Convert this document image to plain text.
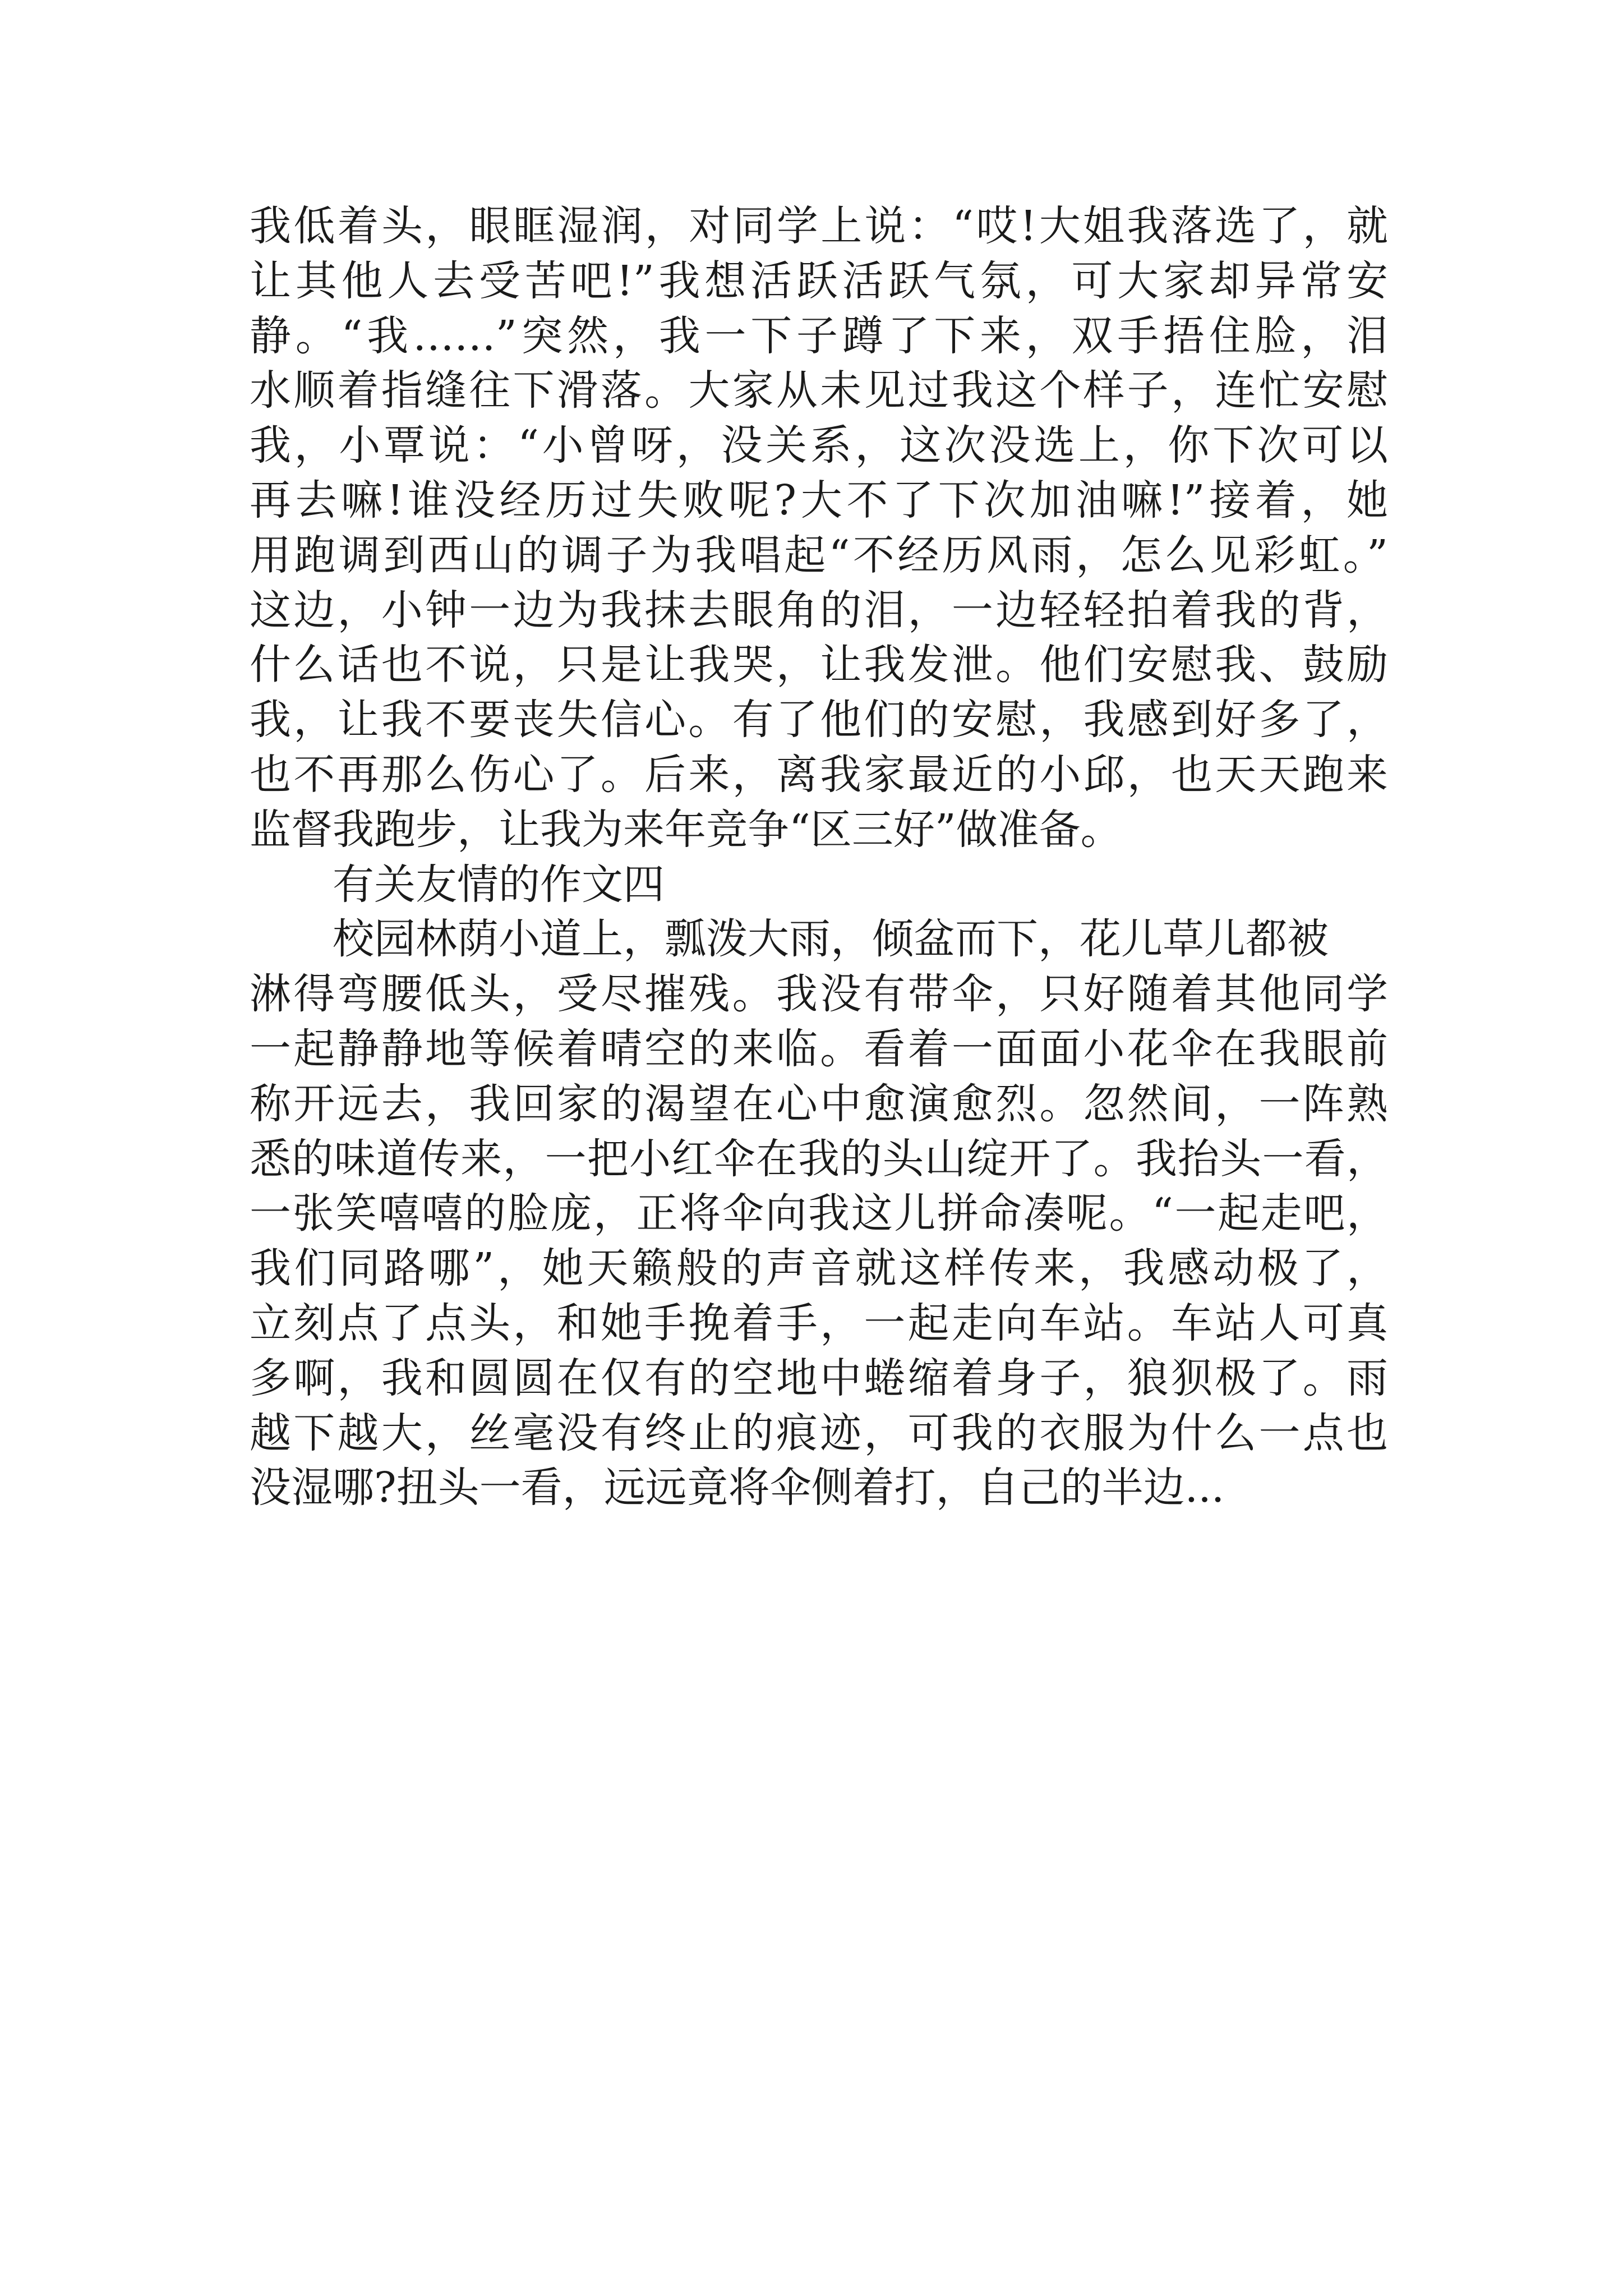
我低着头，眼眶湿润，对同学上说：“哎!大姐我落选了，就
让其他人去受苦吧!”我想活跃活跃气氛，可大家却异常安
静。“我……”突然，我一下子蹲了下来，双手捂住脸，泪
水顺着指缝往下滑落。大家从未见过我这个样子，连忙安慰
我，小覃说：“小曾呀，没关系，这次没选上，你下次可以
再去嘛!谁没经历过失败呢?大不了下次加油嘛!”接着，她
用跑调到西山的调子为我唱起“不经历风雨，怎么见彩虹。”
这边，小钟一边为我抹去眼角的泪，一边轻轻拍着我的背，
什么话也不说，只是让我哭，让我发泄。他们安慰我、鼓励
我，让我不要丧失信心。有了他们的安慰，我感到好多了，
也不再那么伤心了。后来，离我家最近的小邱，也天天跑来
监督我跑步，让我为来年竞争“区三好”做准备。
有关友情的作文四
校园林荫小道上，瓢泼大雨，倾盆而下，花儿草儿都被
淋得弯腰低头，受尽摧残。我没有带伞，只好随着其他同学
一起静静地等候着晴空的来临。看着一面面小花伞在我眼前
称开远去，我回家的渴望在心中愈演愈烈。忽然间，一阵熟
悉的味道传来，一把小红伞在我的头山绽开了。我抬头一看，
一张笑嘻嘻的脸庞，正将伞向我这儿拼命凑呢。“一起走吧，
我们同路哪”，她天籁般的声音就这样传来，我感动极了，
立刻点了点头，和她手挽着手，一起走向车站。车站人可真
多啊，我和圆圆在仅有的空地中蜷缩着身子，狼狈极了。雨
越下越大，丝毫没有终止的痕迹，可我的衣服为什么一点也
没湿哪?扭头一看，远远竟将伞侧着打，自己的半边...
